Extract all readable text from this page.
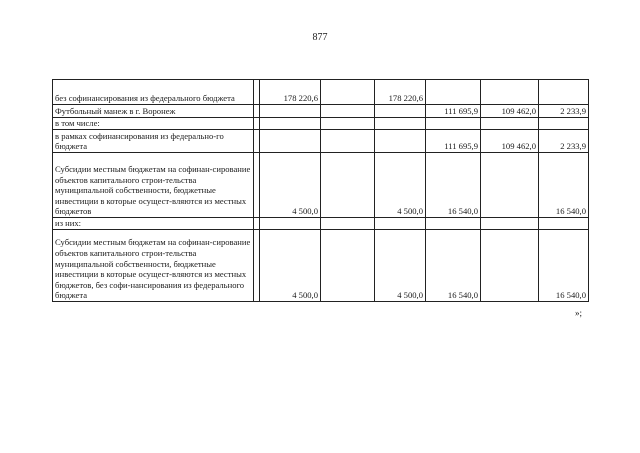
877
без софинансирования из федерального бюджета		178 220,6		178 220,6			
Футбольный манеж в г. Воронеж					111 695,9	109 462,0	2 233,9
в том числе:							
в рамках софинансирования из федерально-го бюджета					111 695,9	109 462,0	2 233,9
Субсидии местным бюджетам на софинан-сирование объектов капитального строи-тельства муниципальной собственности, бюджетные инвестиции в которые осущест-вляются из местных бюджетов		4 500,0		4 500,0	16 540,0		16 540,0
из них:							
Субсидии местным бюджетам на софинан-сирование объектов капитального строи-тельства муниципальной собственности, бюджетные инвестиции в которые осущест-вляются из местных бюджетов, без софи-нансирования из федерального бюджета		4 500,0		4 500,0	16 540,0		16 540,0
»;
